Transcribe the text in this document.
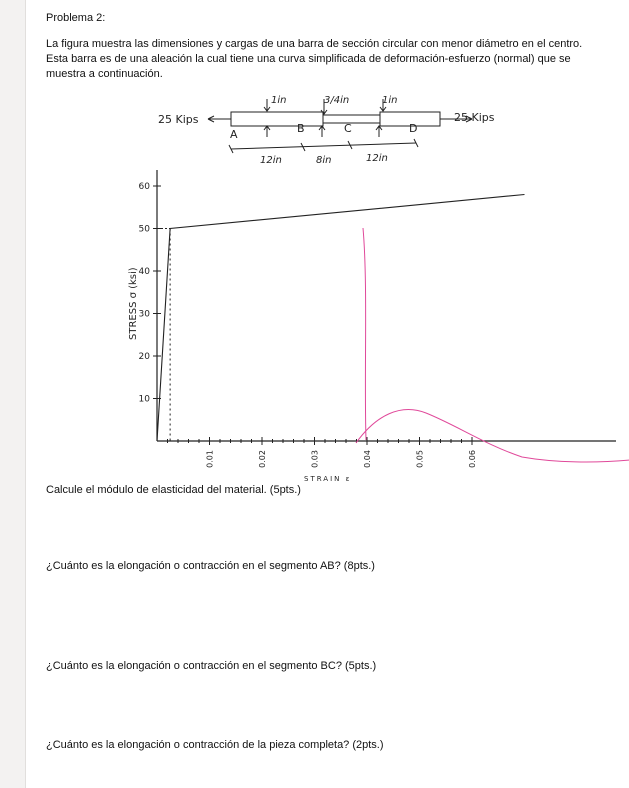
Problema 2:

La figura muestra las dimensiones y cargas de una barra de sección circular con menor diámetro en el centro. Esta barra es de una aleación la cual tiene una curva simplificada de deformación-esfuerzo (normal) que se muestra a continuación.

25 Kips	25 Kips
1in	3/4in	1in
A	B	C	D
12in	8in	12in
10
20
30
40
50
60
0.01	0.02	0.03	0.04	0.05	0.06
STRESS σ (ksi)
STRAIN ε

Calcule el módulo de elasticidad del material. (5pts.)

¿Cuánto es la elongación o contracción en el segmento AB? (8pts.)

¿Cuánto es la elongación o contracción en el segmento BC? (5pts.)

¿Cuánto es la elongación o contracción de la pieza completa? (2pts.)
